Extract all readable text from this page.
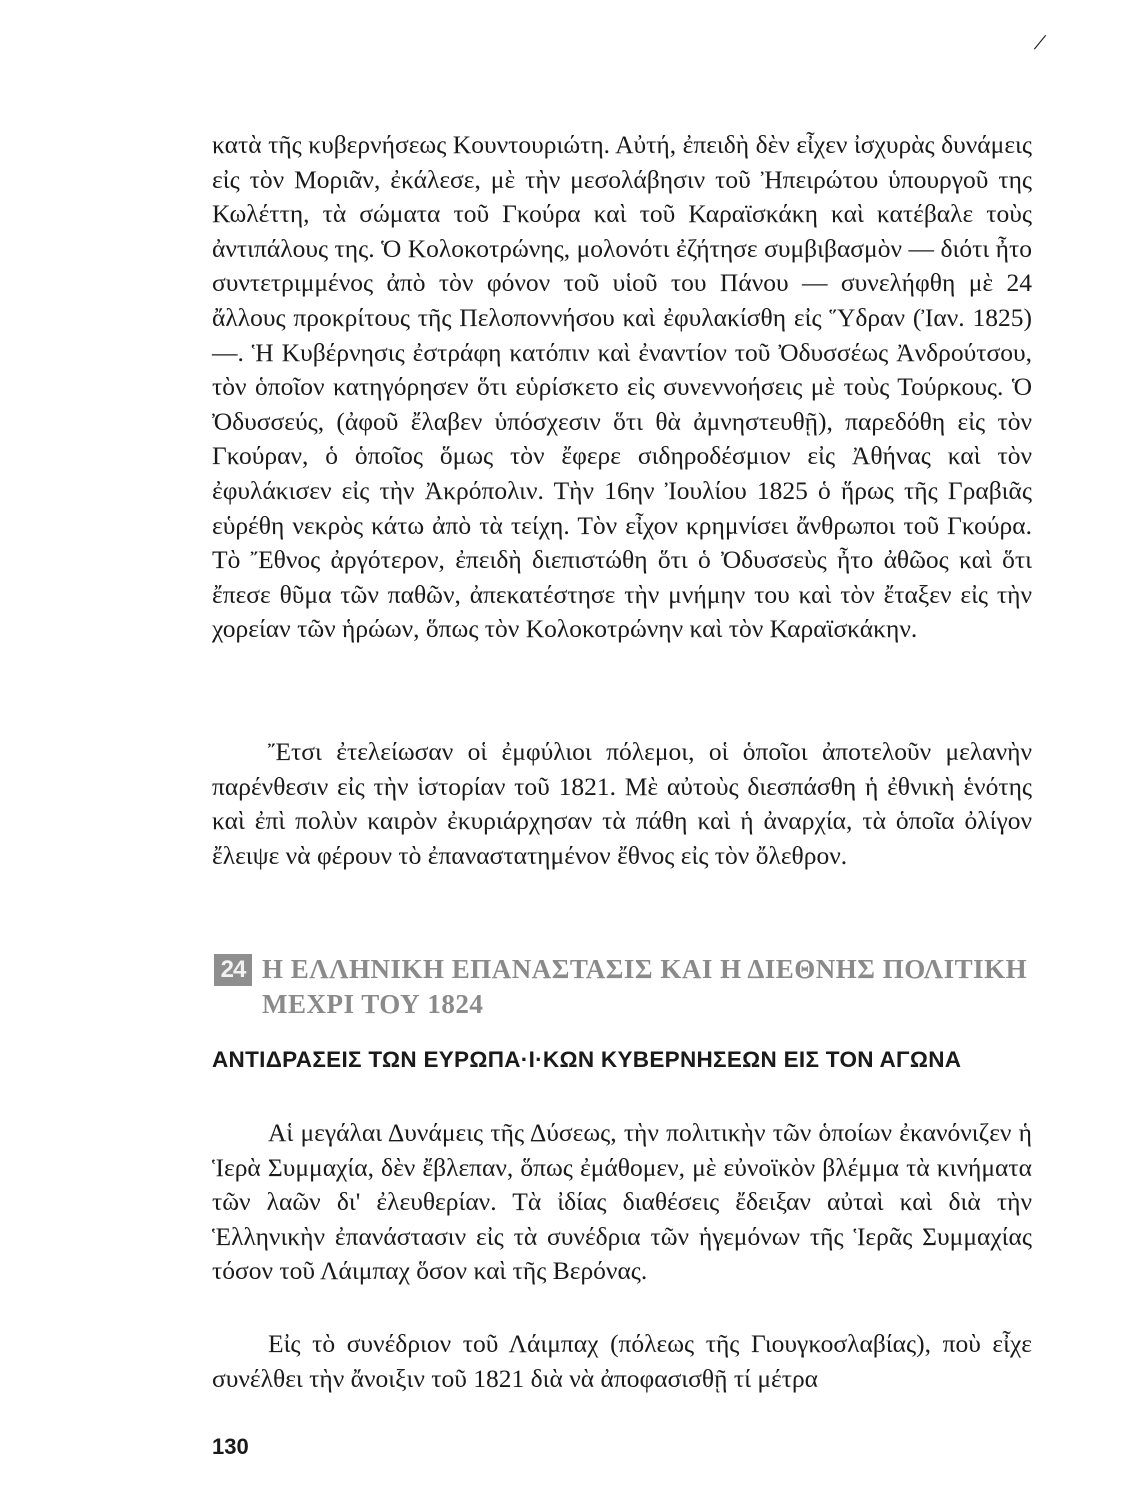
/

κατὰ τῆς κυβερνήσεως Κουντουριώτη. Αὐτή, ἐπειδὴ δὲν εἶχεν ἰσχυρὰς δυνάμεις εἰς τὸν Μοριᾶν, ἐκάλεσε, μὲ τὴν μεσολάβησιν τοῦ Ἠπειρώτου ὑπουργοῦ της Κωλέττη, τὰ σώματα τοῦ Γκούρα καὶ τοῦ Καραϊσκάκη καὶ κατέβαλε τοὺς ἀντιπάλους της. Ὁ Κολοκοτρώνης, μολονότι ἐζήτησε συμβιβασμὸν — διότι ἦτο συντετριμμένος ἀπὸ τὸν φόνον τοῦ υἱοῦ του Πάνου — συνελήφθη μὲ 24 ἄλλους προκρίτους τῆς Πελοποννήσου καὶ ἐφυλακίσθη εἰς Ὕδραν (Ἰαν. 1825)—. Ἡ Κυβέρνησις ἐστράφη κατόπιν καὶ ἐναντίον τοῦ Ὀδυσσέως Ἀνδρούτσου, τὸν ὁποῖον κατηγόρησεν ὅτι εὑρίσκετο εἰς συνεννοήσεις μὲ τοὺς Τούρκους. Ὁ Ὀδυσσεύς, (ἀφοῦ ἔλαβεν ὑπόσχεσιν ὅτι θὰ ἀμνηστευθῇ), παρεδόθη εἰς τὸν Γκούραν, ὁ ὁποῖος ὅμως τὸν ἔφερε σιδηροδέσμιον εἰς Ἀθήνας καὶ τὸν ἐφυλάκισεν εἰς τὴν Ἀκρόπολιν. Τὴν 16ην Ἰουλίου 1825 ὁ ἥρως τῆς Γραβιᾶς εὑρέθη νεκρὸς κάτω ἀπὸ τὰ τείχη. Τὸν εἶχον κρημνίσει ἄνθρωποι τοῦ Γκούρα. Τὸ Ἔθνος ἀργότερον, ἐπειδὴ διεπιστώθη ὅτι ὁ Ὀδυσσεὺς ἦτο ἀθῶος καὶ ὅτι ἔπεσε θῦμα τῶν παθῶν, ἀπεκατέστησε τὴν μνήμην του καὶ τὸν ἔταξεν εἰς τὴν χορείαν τῶν ἡρώων, ὅπως τὸν Κολοκοτρώνην καὶ τὸν Καραϊσκάκην.

Ἔτσι ἐτελείωσαν οἱ ἐμφύλιοι πόλεμοι, οἱ ὁποῖοι ἀποτελοῦν μελανὴν παρένθεσιν εἰς τὴν ἱστορίαν τοῦ 1821. Μὲ αὐτοὺς διεσπάσθη ἡ ἐθνικὴ ἑνότης καὶ ἐπὶ πολὺν καιρὸν ἐκυριάρχησαν τὰ πάθη καὶ ἡ ἀναρχία, τὰ ὁποῖα ὀλίγον ἔλειψε νὰ φέρουν τὸ ἐπαναστατημένον ἔθνος εἰς τὸν ὄλεθρον.

24 Η ΕΛΛΗΝΙΚΗ ΕΠΑΝΑΣΤΑΣΙΣ ΚΑΙ Η ΔΙΕΘΝΗΣ ΠΟΛΙΤΙΚΗ ΜΕΧΡΙ ΤΟΥ 1824
ΑΝΤΙΔΡΑΣΕΙΣ ΤΩΝ ΕΥΡΩΠΑ·Ι·ΚΩΝ ΚΥΒΕΡΝΗΣΕΩΝ ΕΙΣ ΤΟΝ ΑΓΩΝΑ

Αἱ μεγάλαι Δυνάμεις τῆς Δύσεως, τὴν πολιτικὴν τῶν ὁποίων ἐκανόνιζεν ἡ Ἱερὰ Συμμαχία, δὲν ἔβλεπαν, ὅπως ἐμάθομεν, μὲ εὐνοϊκὸν βλέμμα τὰ κινήματα τῶν λαῶν δι' ἐλευθερίαν. Τὰ ἰδίας διαθέσεις ἔδειξαν αὐταὶ καὶ διὰ τὴν Ἑλληνικὴν ἐπανάστασιν εἰς τὰ συνέδρια τῶν ἡγεμόνων τῆς Ἱερᾶς Συμμαχίας τόσον τοῦ Λάιμπαχ ὅσον καὶ τῆς Βερόνας.

Εἰς τὸ συνέδριον τοῦ Λάιμπαχ (πόλεως τῆς Γιουγκοσλαβίας), ποὺ εἶχε συνέλθει τὴν ἄνοιξιν τοῦ 1821 διὰ νὰ ἀποφασισθῇ τί μέτρα

130
